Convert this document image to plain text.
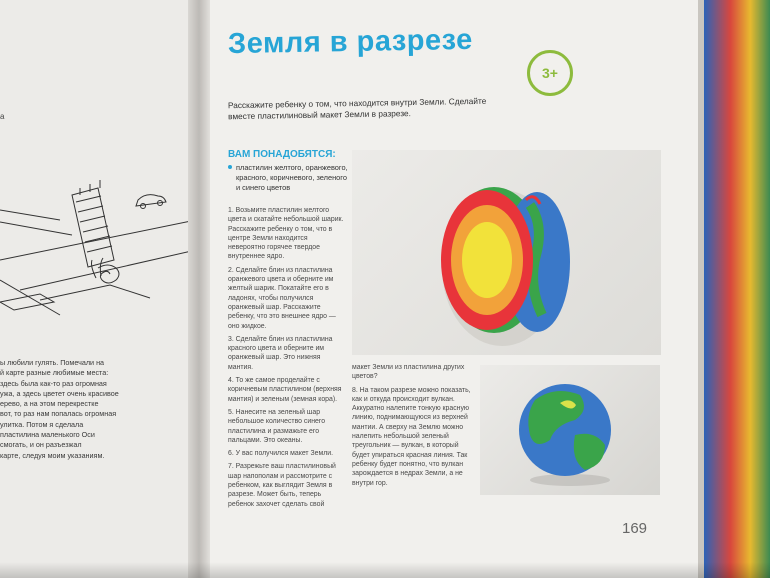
а
ы любили гулять. Помечали на
й карте разные любимые места:
здесь была как-то раз огромная
ужа, а здесь цветет очень красивое
ерево, а на этом перекрестке
вот, то раз нам попалась огромная
улитка. Потом я сделала
пластилина маленького Оси
смогать, и он разъезжал
карте, следуя моим указаниям.
Земля в разрезе
3+
Расскажите ребенку о том, что находится внутри Земли. Сделайте вместе пластилиновый макет Земли в разрезе.
ВАМ ПОНАДОБЯТСЯ:
пластилин желтого, оранжевого, красного, коричневого, зеленого и синего цветов

1. Возьмите пластилин желтого цвета и скатайте небольшой шарик. Расскажите ребенку о том, что в центре Земли находится невероятно горячее твердое внутреннее ядро.

2. Сделайте блин из пластилина оранжевого цвета и оберните им желтый шарик. Покатайте его в ладонях, чтобы получился оранжевый шар. Расскажите ребенку, что это внешнее ядро — оно жидкое.

3. Сделайте блин из пластилина красного цвета и оберните им оранжевый шар. Это нижняя мантия.

4. То же самое проделайте с коричневым пластилином (верхняя мантия) и зеленым (земная кора).

5. Нанесите на зеленый шар небольшое количество синего пластилина и размажьте его пальцами. Это океаны.

6. У вас получился макет Земли.

7. Разрежьте ваш пластилиновый шар напополам и рассмотрите с ребенком, как выглядит Земля в разрезе. Может быть, теперь ребенок захочет сделать свой

макет Земли из пластилина других цветов?

8. На таком разрезе можно показать, как и откуда происходит вулкан. Аккуратно налепите тонкую красную линию, поднимающуюся из верхней мантии. А сверху на Землю можно налепить небольшой зеленый треугольник — вулкан, в который будет упираться красная линия. Так ребенку будет понятно, что вулкан зарождается в недрах Земли, а не внутри гор.

169
